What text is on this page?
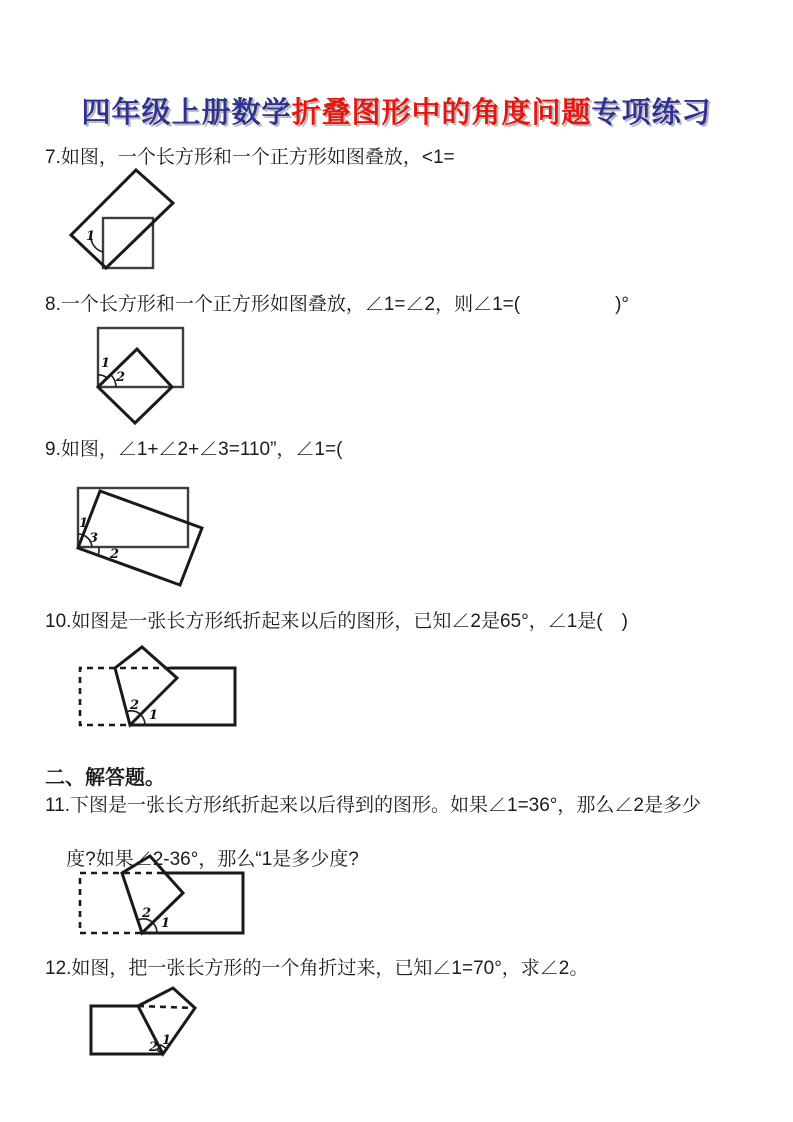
四年级上册数学折叠图形中的角度问题专项练习
7.如图，一个长方形和一个正方形如图叠放，<1=
1
8.一个长方形和一个正方形如图叠放，∠1=∠2，则∠1=(                  )°
1
2
9.如图，∠1+∠2+∠3=110”，∠1=(
1
3
2
10.如图是一张长方形纸折起来以后的图形，已知∠2是65°，∠1是(　)
2
1
二、解答题。
11.下图是一张长方形纸折起来以后得到的图形。如果∠1=36°，那么∠2是多少

度?如果∠2-36°，那么“1是多少度?
2
1
12.如图，把一张长方形的一个角折过来，已知∠1=70°，求∠2。
2 1
